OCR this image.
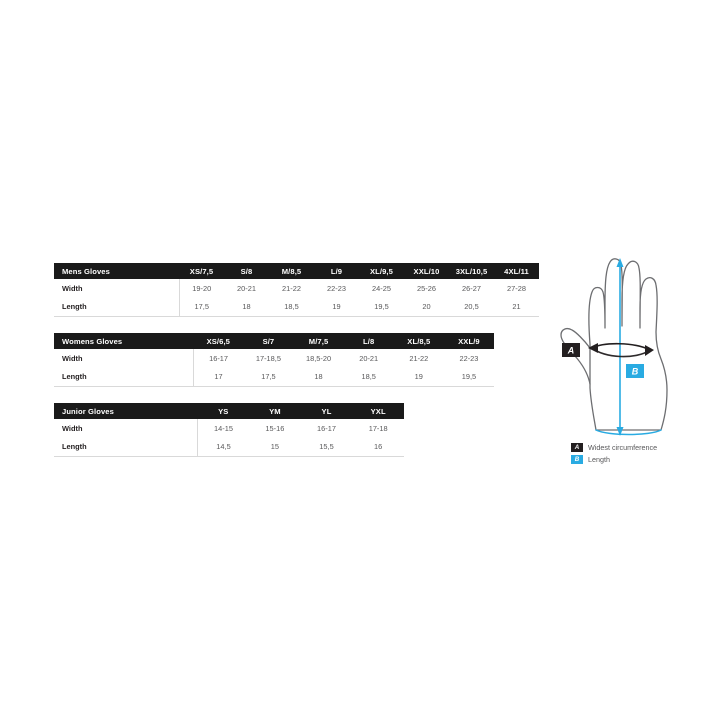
Mens Gloves	XS/7,5	S/8	M/8,5	L/9	XL/9,5	XXL/10	3XL/10,5	4XL/11
Width	19-20	20-21	21-22	22-23	24-25	25-26	26-27	27-28
Length	17,5	18	18,5	19	19,5	20	20,5	21
Womens Gloves	XS/6,5	S/7	M/7,5	L/8	XL/8,5	XXL/9
Width	16-17	17-18,5	18,5-20	20-21	21-22	22-23
Length	17	17,5	18	18,5	19	19,5
Junior Gloves	YS	YM	YL	YXL
Width	14-15	15-16	16-17	17-18
Length	14,5	15	15,5	16
A
B
A	Widest circumference
B	Length
